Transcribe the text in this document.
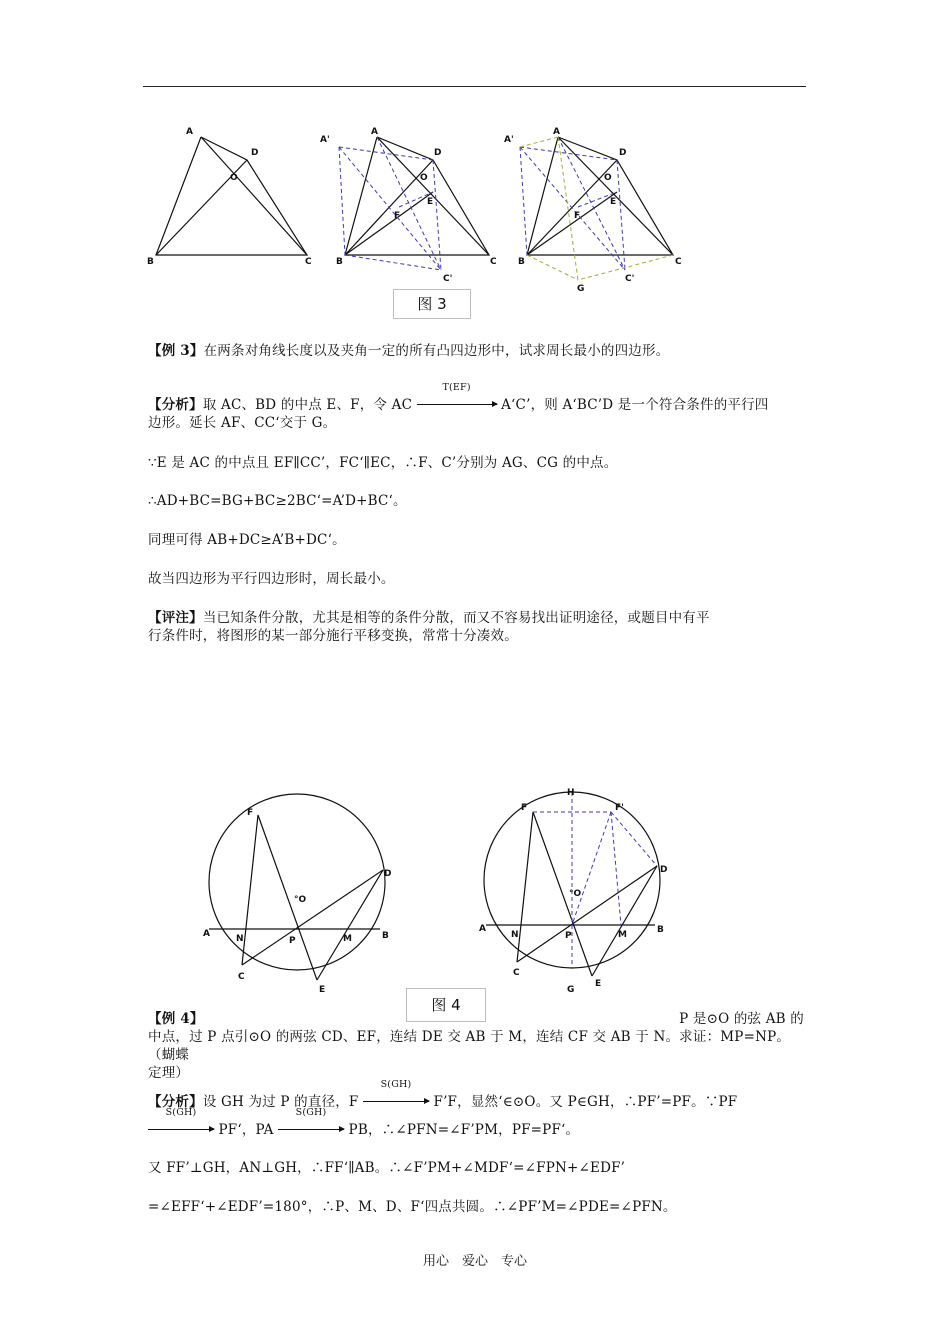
A
D
O
B	C
A'
A
D
O
E
F
B	C
C'
A'
A
D
O
F
E
B	C
C'
G
图 3
【例 3】在两条对角线长度以及夹角一定的所有凸四边形中，试求周长最小的四边形。
【分析】取 AC、BD 的中点 E、F，令 AC
T(EF)
A‘C’，则 A‘BC’D 是一个符合条件的平行四
边形。延长 AF、CC‘交于 G。
∵E 是 AC 的中点且 EF∥CC’，FC‘∥EC，∴F、C’分别为 AG、CG 的中点。
∴AD+BC=BG+BC≥2BC‘=A’D+BC‘。
同理可得 AB+DC≥A’B+DC‘。
故当四边形为平行四边形时，周长最小。
【评注】当已知条件分散，尤其是相等的条件分散，而又不容易找出证明途径，或题目中有平
行条件时，将图形的某一部分施行平移变换，常常十分凑效。
F
°O
D
A	N	P	M	B
C
E
H
F	F'
D
°O
A
N	P	M	B
C
G
E
图 4
【例 4】	P 是⊙O 的弦 AB 的

中点，过 P 点引⊙O 的两弦 CD、EF，连结 DE 交 AB 于 M，连结 CF 交 AB 于 N。求证：MP=NP。（蝴蝶
定理）
【分析】设 GH 为过 P 的直径，F
S(GH)
F’F，显然‘∈⊙O。又 P∈GH，∴PF’=PF。∵PF

S(GH)
PF‘，PA
S(GH)
PB，∴∠PFN=∠F’PM，PF=PF‘。
又 FF’⊥GH，AN⊥GH，∴FF‘∥AB。∴∠F’PM+∠MDF‘=∠FPN+∠EDF’
=∠EFF‘+∠EDF’=180°，∴P、M、D、F‘四点共圆。∴∠PF’M=∠PDE=∠PFN。
用心　爱心　专心
